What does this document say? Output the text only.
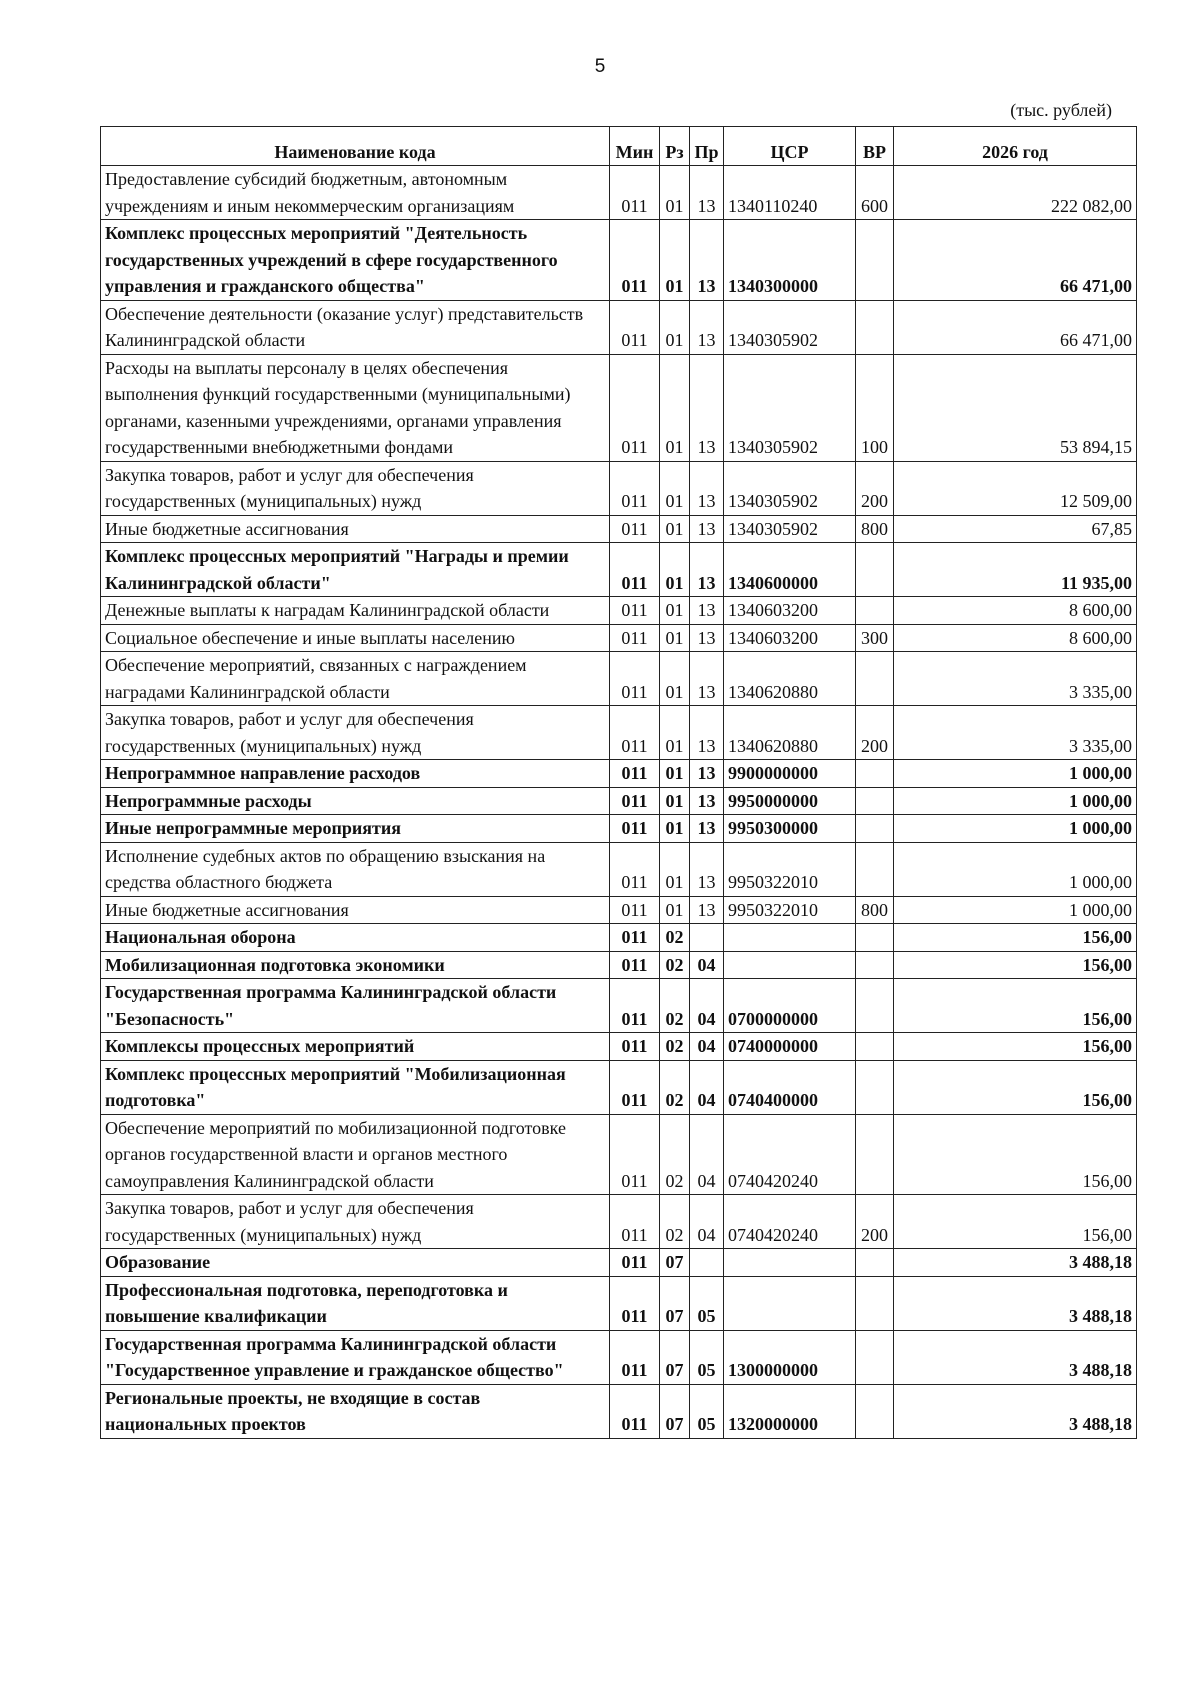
5
(тыс. рублей)
Наименование кода	Мин	Рз	Пр	ЦСР	ВР	2026 год
Предоставление субсидий бюджетным, автономным учреждениям и иным некоммерческим организациям	011	01	13	1340110240	600	222 082,00
Комплекс процессных мероприятий "Деятельность государственных учреждений в сфере государственного управления и гражданского общества"	011	01	13	1340300000		66 471,00
Обеспечение деятельности (оказание услуг) представительств Калининградской области	011	01	13	1340305902		66 471,00
Расходы на выплаты персоналу в целях обеспечения выполнения функций государственными (муниципальными) органами, казенными учреждениями, органами управления государственными внебюджетными фондами	011	01	13	1340305902	100	53 894,15
Закупка товаров, работ и услуг для обеспечения государственных (муниципальных) нужд	011	01	13	1340305902	200	12 509,00
Иные бюджетные ассигнования	011	01	13	1340305902	800	67,85
Комплекс процессных мероприятий "Награды и премии Калининградской области"	011	01	13	1340600000		11 935,00
Денежные выплаты к наградам Калининградской области	011	01	13	1340603200		8 600,00
Социальное обеспечение и иные выплаты населению	011	01	13	1340603200	300	8 600,00
Обеспечение мероприятий, связанных с награждением наградами Калининградской области	011	01	13	1340620880		3 335,00
Закупка товаров, работ и услуг для обеспечения государственных (муниципальных) нужд	011	01	13	1340620880	200	3 335,00
Непрограммное направление расходов	011	01	13	9900000000		1 000,00
Непрограммные расходы	011	01	13	9950000000		1 000,00
Иные непрограммные мероприятия	011	01	13	9950300000		1 000,00
Исполнение судебных актов по обращению взыскания на средства областного бюджета	011	01	13	9950322010		1 000,00
Иные бюджетные ассигнования	011	01	13	9950322010	800	1 000,00
Национальная оборона	011	02				156,00
Мобилизационная подготовка экономики	011	02	04			156,00
Государственная программа Калининградской области "Безопасность"	011	02	04	0700000000		156,00
Комплексы процессных мероприятий	011	02	04	0740000000		156,00
Комплекс процессных мероприятий "Мобилизационная подготовка"	011	02	04	0740400000		156,00
Обеспечение мероприятий по мобилизационной подготовке органов государственной власти и органов местного самоуправления Калининградской области	011	02	04	0740420240		156,00
Закупка товаров, работ и услуг для обеспечения государственных (муниципальных) нужд	011	02	04	0740420240	200	156,00
Образование	011	07				3 488,18
Профессиональная подготовка, переподготовка и повышение квалификации	011	07	05			3 488,18
Государственная программа Калининградской области "Государственное управление и гражданское общество"	011	07	05	1300000000		3 488,18
Региональные проекты, не входящие в состав национальных проектов	011	07	05	1320000000		3 488,18
